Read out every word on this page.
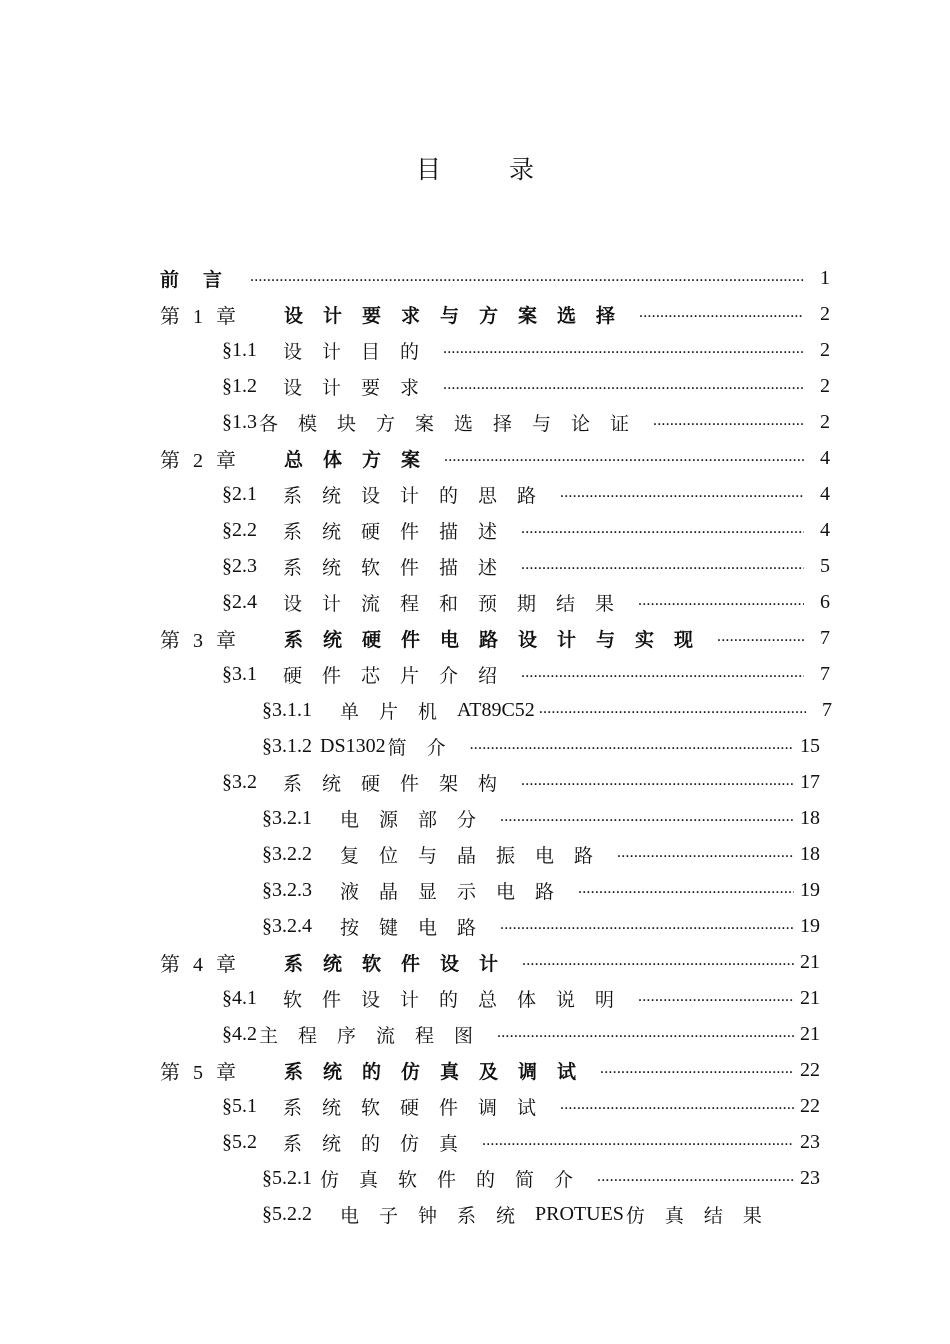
目 录
前言 .....	1
第 1 章 设计要求与方案选择 .....	2
§1.1 设计目的 .....	2
§1.2 设计要求 .....	2
§1.3 各模块方案选择与论证 .....	2
第 2 章 总体方案 .....	4
§2.1 系统设计的思路 .....	4
§2.2 系统硬件描述 .....	4
§2.3 系统软件描述 .....	5
§2.4 设计流程和预期结果 .....	6
第 3 章 系统硬件电路设计与实现 .....	7
§3.1 硬件芯片介绍 .....	7
§3.1.1 单片机 AT89C52 .....	7
§3.1.2 DS1302 简介 .....	15
§3.2 系统硬件架构 .....	17
§3.2.1 电源部分 .....	18
§3.2.2 复位与晶振电路 .....	18
§3.2.3 液晶显示电路 .....	19
§3.2.4 按键电路 .....	19
第 4 章 系统软件设计 .....	21
§4.1 软件设计的总体说明 .....	21
§4.2 主程序流程图 .....	21
第 5 章 系统的仿真及调试 .....	22
§5.1 系统软硬件调试 .....	22
§5.2 系统的仿真 .....	23
§5.2.1 仿真软件的简介 .....	23
§5.2.2 电子钟系统 PROTUES 仿真结果
